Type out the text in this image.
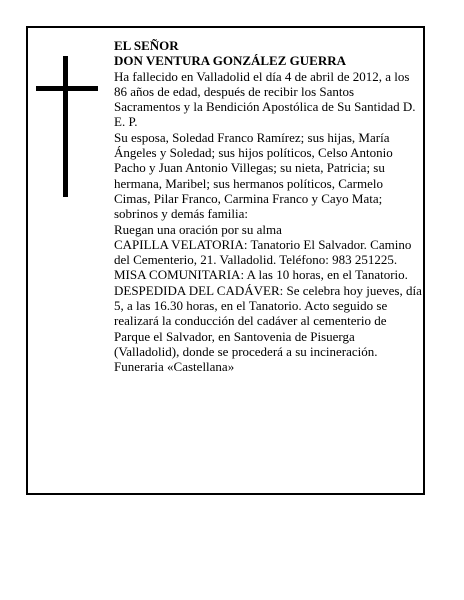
EL SEÑOR

DON VENTURA GONZÁLEZ GUERRA

Ha fallecido en Valladolid el día 4 de abril de 2012, a los 86 años de edad, después de recibir los Santos Sacramentos y la Bendición Apostólica de Su Santidad D. E. P.

Su esposa, Soledad Franco Ramírez; sus hijas, María Ángeles y Soledad; sus hijos políticos, Celso Antonio Pacho y Juan Antonio Villegas; su nieta, Patricia; su hermana, Maribel; sus hermanos políticos, Carmelo Cimas, Pilar Franco, Carmina Franco y Cayo Mata; sobrinos y demás familia:

Ruegan una oración por su alma

CAPILLA VELATORIA: Tanatorio El Salvador. Camino del Cementerio, 21. Valladolid. Teléfono: 983 251225.

MISA COMUNITARIA: A las 10 horas, en el Tanatorio.

DESPEDIDA DEL CADÁVER: Se celebra hoy jueves, día 5, a las 16.30 horas, en el Tanatorio. Acto seguido se realizará la conducción del cadáver al cementerio de Parque el Salvador, en Santovenia de Pisuerga (Valladolid), donde se procederá a su incineración.

Funeraria «Castellana»
